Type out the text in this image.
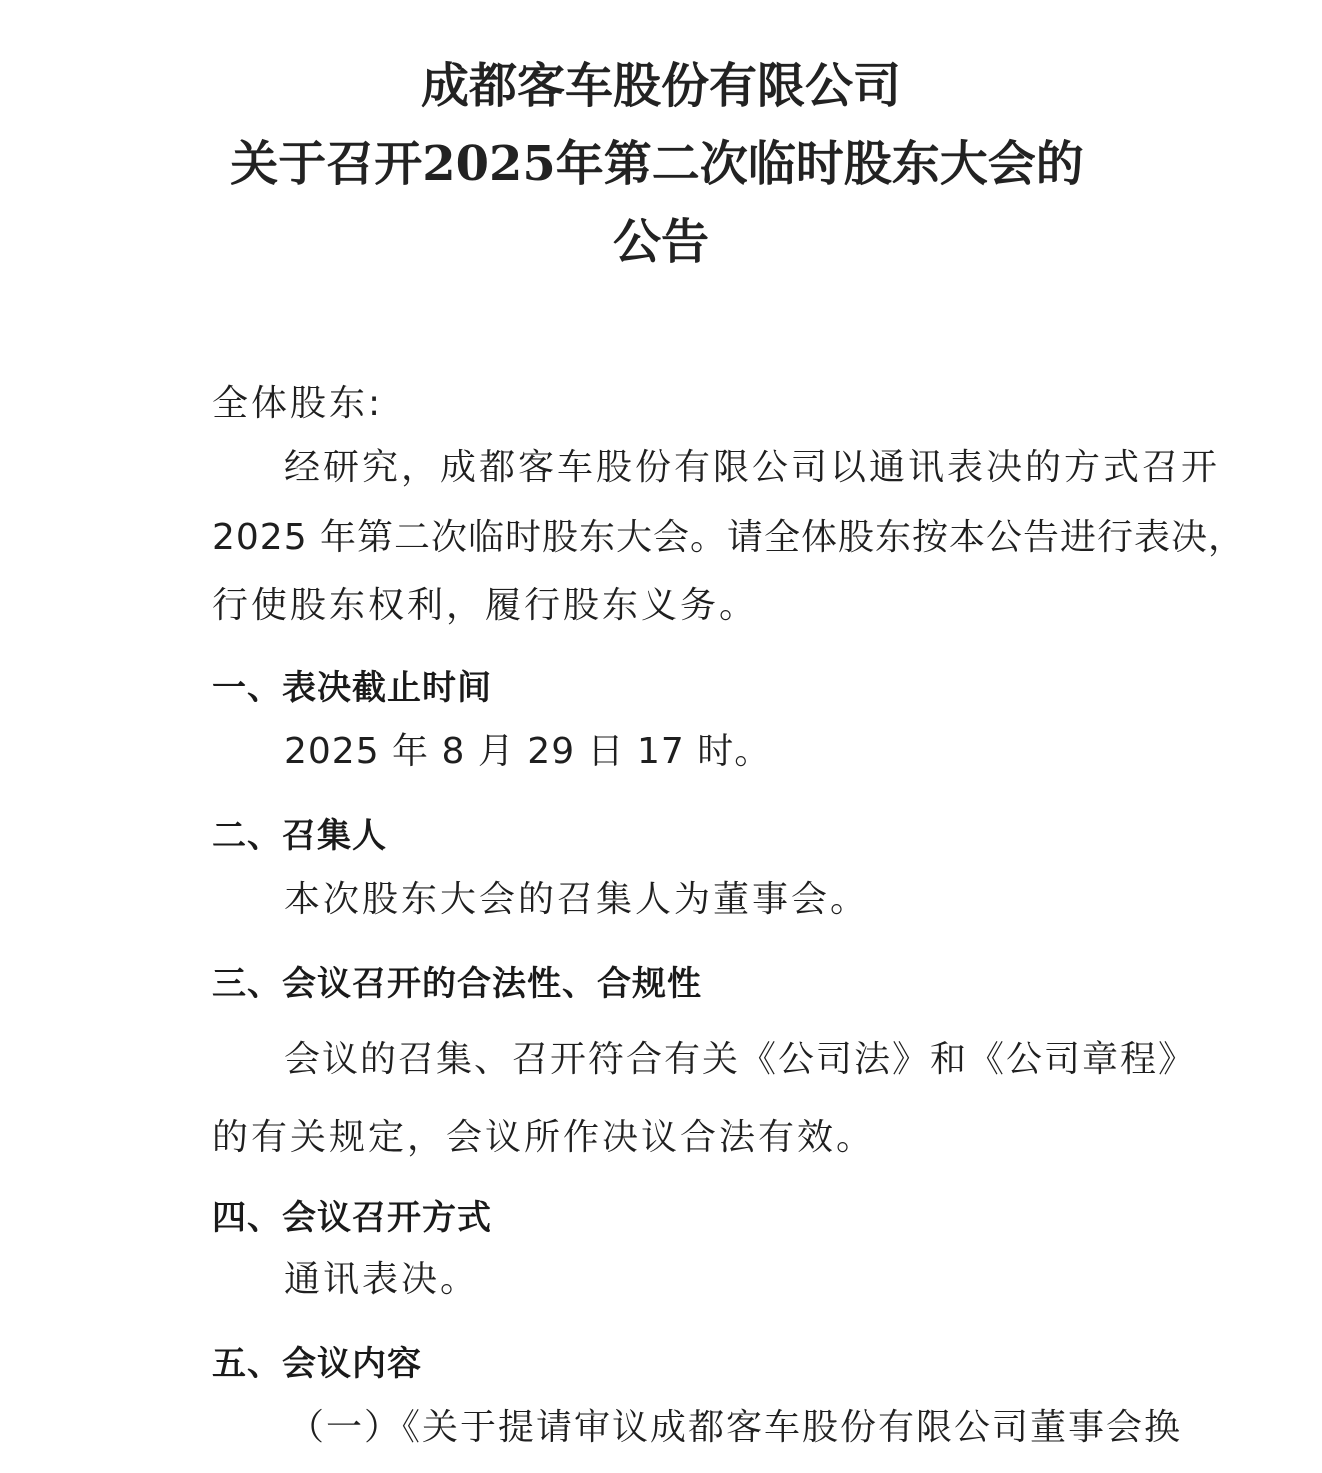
成都客车股份有限公司
关于召开2025年第二次临时股东大会的
公告
全体股东:
经研究，成都客车股份有限公司以通讯表决的方式召开
2025 年第二次临时股东大会。请全体股东按本公告进行表决，
行使股东权利，履行股东义务。
一、表决截止时间
2025 年 8 月 29 日 17 时。
二、召集人
本次股东大会的召集人为董事会。
三、会议召开的合法性、合规性
会议的召集、召开符合有关《公司法》和《公司章程》
的有关规定，会议所作决议合法有效。
四、会议召开方式
通讯表决。
五、会议内容
（一）《关于提请审议成都客车股份有限公司董事会换
